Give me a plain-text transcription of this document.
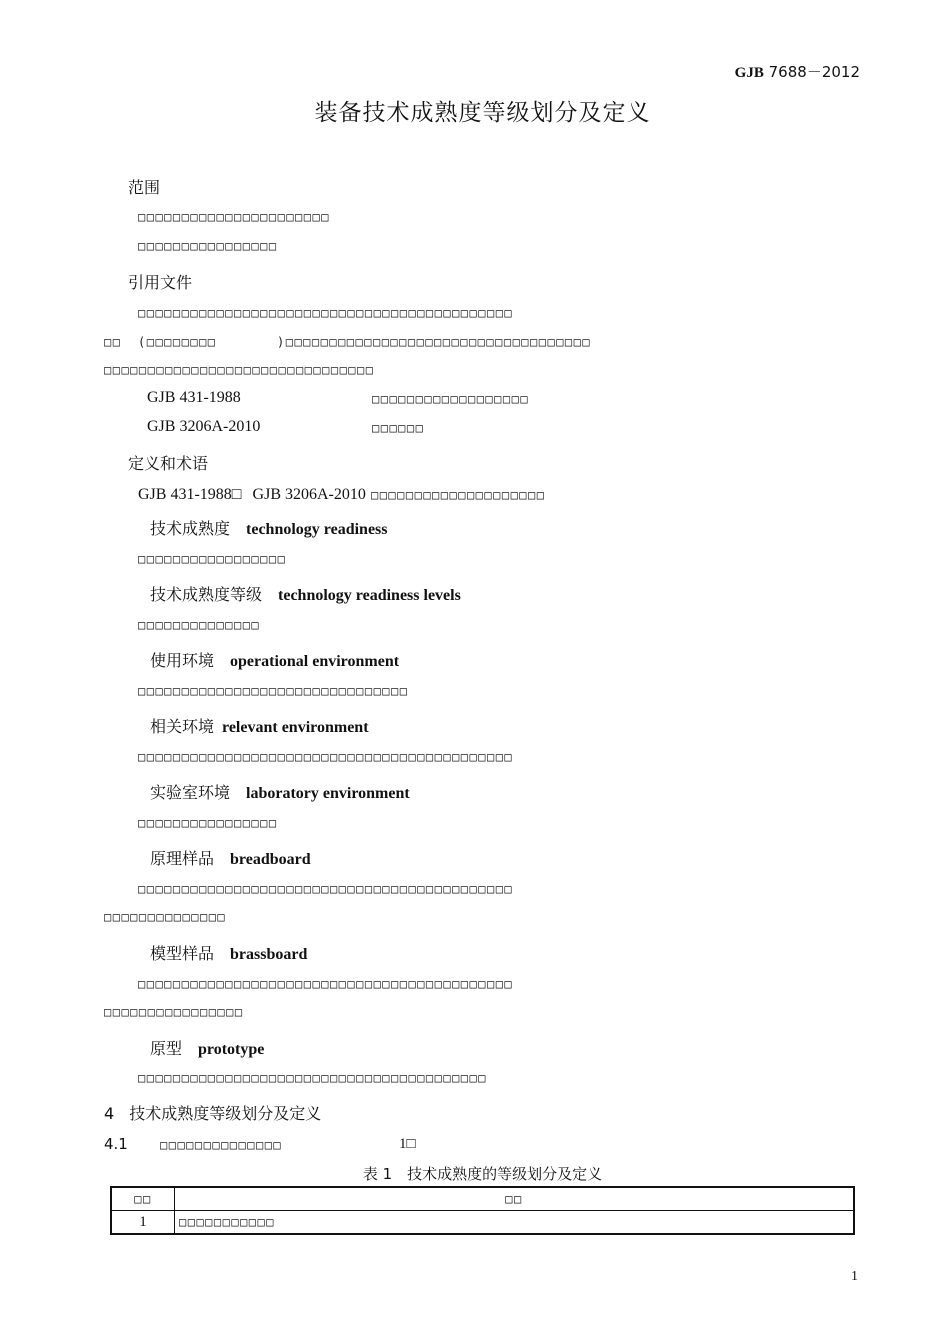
GJB 7688－2012
装备技术成熟度等级划分及定义
范围
□□□□□□□□□□□□□□□□□□□□□□
□□□□□□□□□□□□□□□□
引用文件
□□□□□□□□□□□□□□□□□□□□□□□□□□□□□□□□□□□□□□□□□□□
□□ (□□□□□□□□	)□□□□□□□□□□□□□□□□□□□□□□□□□□□□□□□□□□□
□□□□□□□□□□□□□□□□□□□□□□□□□□□□□□□
GJB 431-1988	□□□□□□□□□□□□□□□□□□
GJB 3206A-2010	□□□□□□
定义和术语
GJB 431-1988□ GJB 3206A-2010 □□□□□□□□□□□□□□□□□□□□
技术成熟度 technology readiness
□□□□□□□□□□□□□□□□□
技术成熟度等级 technology readiness levels
□□□□□□□□□□□□□□
使用环境 operational environment
□□□□□□□□□□□□□□□□□□□□□□□□□□□□□□□
相关环境 relevant environment
□□□□□□□□□□□□□□□□□□□□□□□□□□□□□□□□□□□□□□□□□□□
实验室环境 laboratory environment
□□□□□□□□□□□□□□□□
原理样品 breadboard
□□□□□□□□□□□□□□□□□□□□□□□□□□□□□□□□□□□□□□□□□□□
□□□□□□□□□□□□□□
模型样品 brassboard
□□□□□□□□□□□□□□□□□□□□□□□□□□□□□□□□□□□□□□□□□□□
□□□□□□□□□□□□□□□□
原型 prototype
□□□□□□□□□□□□□□□□□□□□□□□□□□□□□□□□□□□□□□□□
4 技术成熟度等级划分及定义
4.1	□□□□□□□□□□□□□□	1□
表 1　技术成熟度的等级划分及定义
□□	□□
1	□□□□□□□□□□□
1
